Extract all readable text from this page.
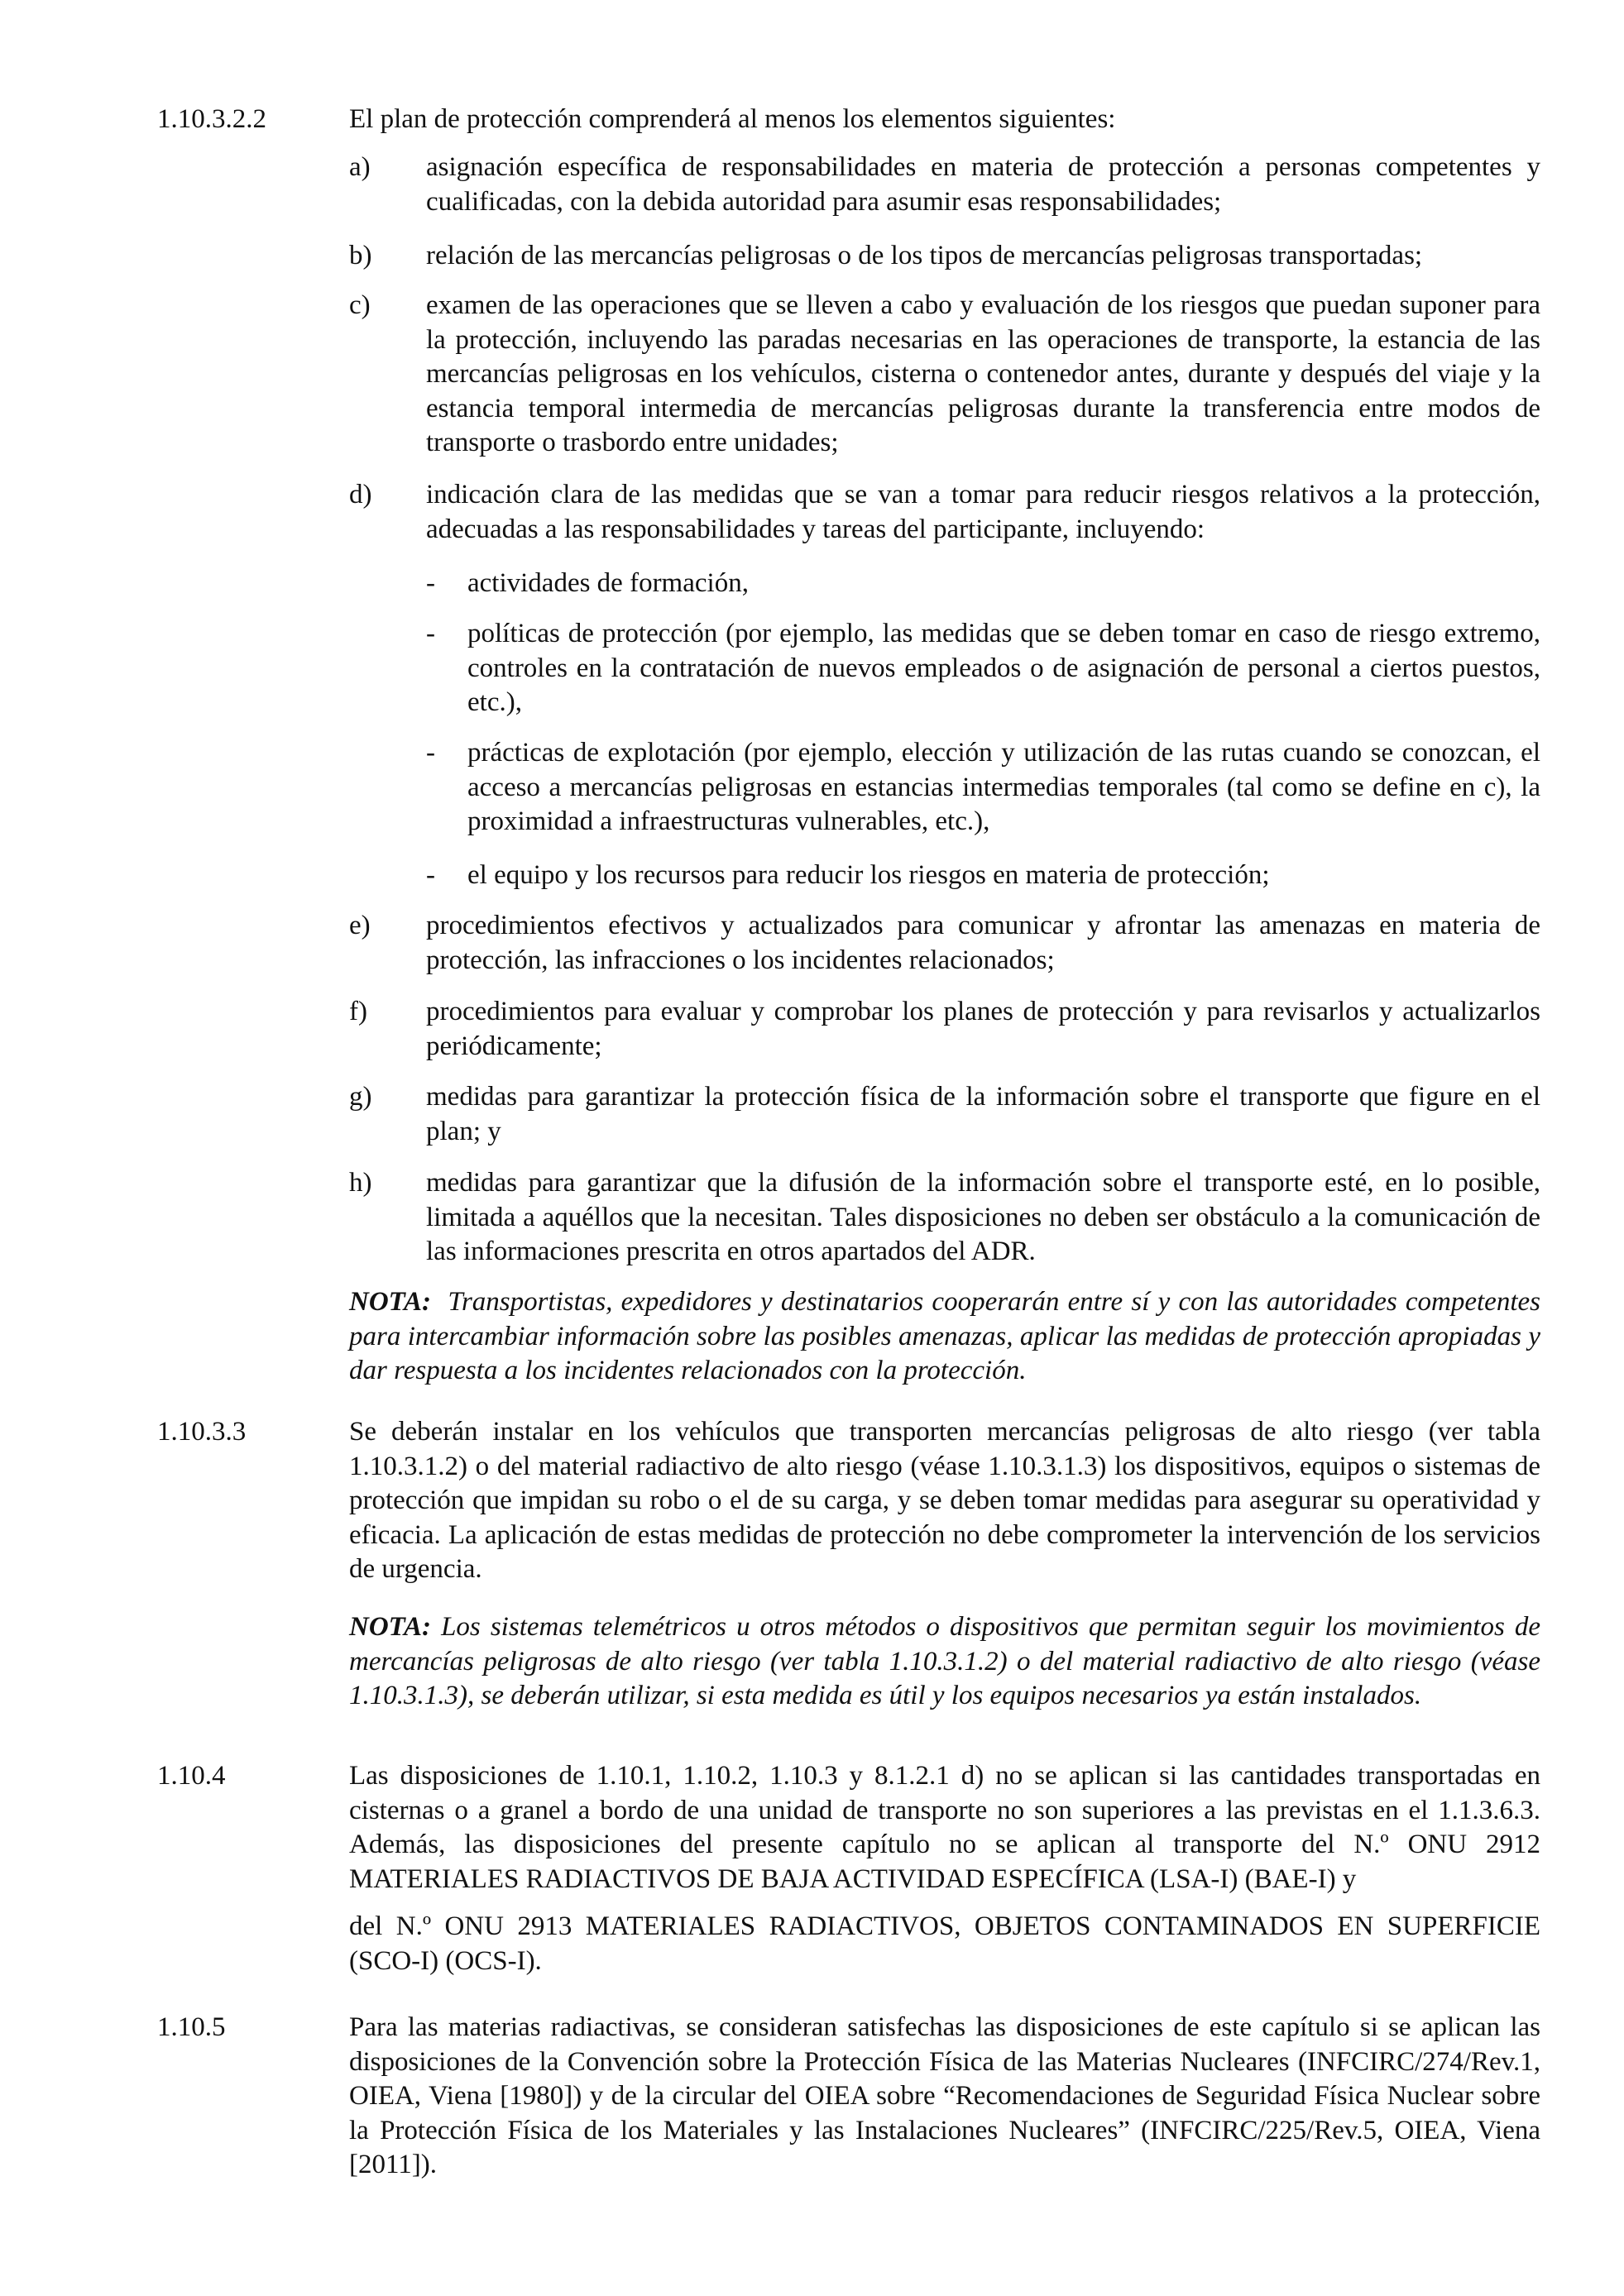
1.10.3.2.2	El plan de protección comprenderá al menos los elementos siguientes:
a) asignación específica de responsabilidades en materia de protección a personas competentes y cualificadas, con la debida autoridad para asumir esas responsabilidades;
b) relación de las mercancías peligrosas o de los tipos de mercancías peligrosas transportadas;
c) examen de las operaciones que se lleven a cabo y evaluación de los riesgos que puedan suponer para la protección, incluyendo las paradas necesarias en las operaciones de transporte, la estancia de las mercancías peligrosas en los vehículos, cisterna o contenedor antes, durante y después del viaje y la estancia temporal intermedia de mercancías peligrosas durante la transferencia entre modos de transporte o trasbordo entre unidades;
d) indicación clara de las medidas que se van a tomar para reducir riesgos relativos a la protección, adecuadas a las responsabilidades y tareas del participante, incluyendo:
- actividades de formación,
- políticas de protección (por ejemplo, las medidas que se deben tomar en caso de riesgo extremo, controles en la contratación de nuevos empleados o de asignación de personal a ciertos puestos, etc.),
- prácticas de explotación (por ejemplo, elección y utilización de las rutas cuando se conozcan, el acceso a mercancías peligrosas en estancias intermedias temporales (tal como se define en c), la proximidad a infraestructuras vulnerables, etc.),
- el equipo y los recursos para reducir los riesgos en materia de protección;
e) procedimientos efectivos y actualizados para comunicar y afrontar las amenazas en materia de protección, las infracciones o los incidentes relacionados;
f) procedimientos para evaluar y comprobar los planes de protección y para revisarlos y actualizarlos periódicamente;
g) medidas para garantizar la protección física de la información sobre el transporte que figure en el plan; y
h) medidas para garantizar que la difusión de la información sobre el transporte esté, en lo posible, limitada a aquéllos que la necesitan. Tales disposiciones no deben ser obstáculo a la comunicación de las informaciones prescrita en otros apartados del ADR.
NOTA: Transportistas, expedidores y destinatarios cooperarán entre sí y con las autoridades competentes para intercambiar información sobre las posibles amenazas, aplicar las medidas de protección apropiadas y dar respuesta a los incidentes relacionados con la protección.
1.10.3.3	Se deberán instalar en los vehículos que transporten mercancías peligrosas de alto riesgo (ver tabla 1.10.3.1.2) o del material radiactivo de alto riesgo (véase 1.10.3.1.3) los dispositivos, equipos o sistemas de protección que impidan su robo o el de su carga, y se deben tomar medidas para asegurar su operatividad y eficacia. La aplicación de estas medidas de protección no debe comprometer la intervención de los servicios de urgencia.
NOTA: Los sistemas telemétricos u otros métodos o dispositivos que permitan seguir los movimientos de mercancías peligrosas de alto riesgo (ver tabla 1.10.3.1.2) o del material radiactivo de alto riesgo (véase 1.10.3.1.3), se deberán utilizar, si esta medida es útil y los equipos necesarios ya están instalados.
1.10.4	Las disposiciones de 1.10.1, 1.10.2, 1.10.3 y 8.1.2.1 d) no se aplican si las cantidades transportadas en cisternas o a granel a bordo de una unidad de transporte no son superiores a las previstas en el 1.1.3.6.3. Además, las disposiciones del presente capítulo no se aplican al transporte del N.º ONU 2912 MATERIALES RADIACTIVOS DE BAJA ACTIVIDAD ESPECÍFICA (LSA-I) (BAE-I) y
del N.º ONU 2913 MATERIALES RADIACTIVOS, OBJETOS CONTAMINADOS EN SUPERFICIE (SCO-I) (OCS-I).
1.10.5	Para las materias radiactivas, se consideran satisfechas las disposiciones de este capítulo si se aplican las disposiciones de la Convención sobre la Protección Física de las Materias Nucleares (INFCIRC/274/Rev.1, OIEA, Viena [1980]) y de la circular del OIEA sobre “Recomendaciones de Seguridad Física Nuclear sobre la Protección Física de los Materiales y las Instalaciones Nucleares” (INFCIRC/225/Rev.5, OIEA, Viena [2011]).
